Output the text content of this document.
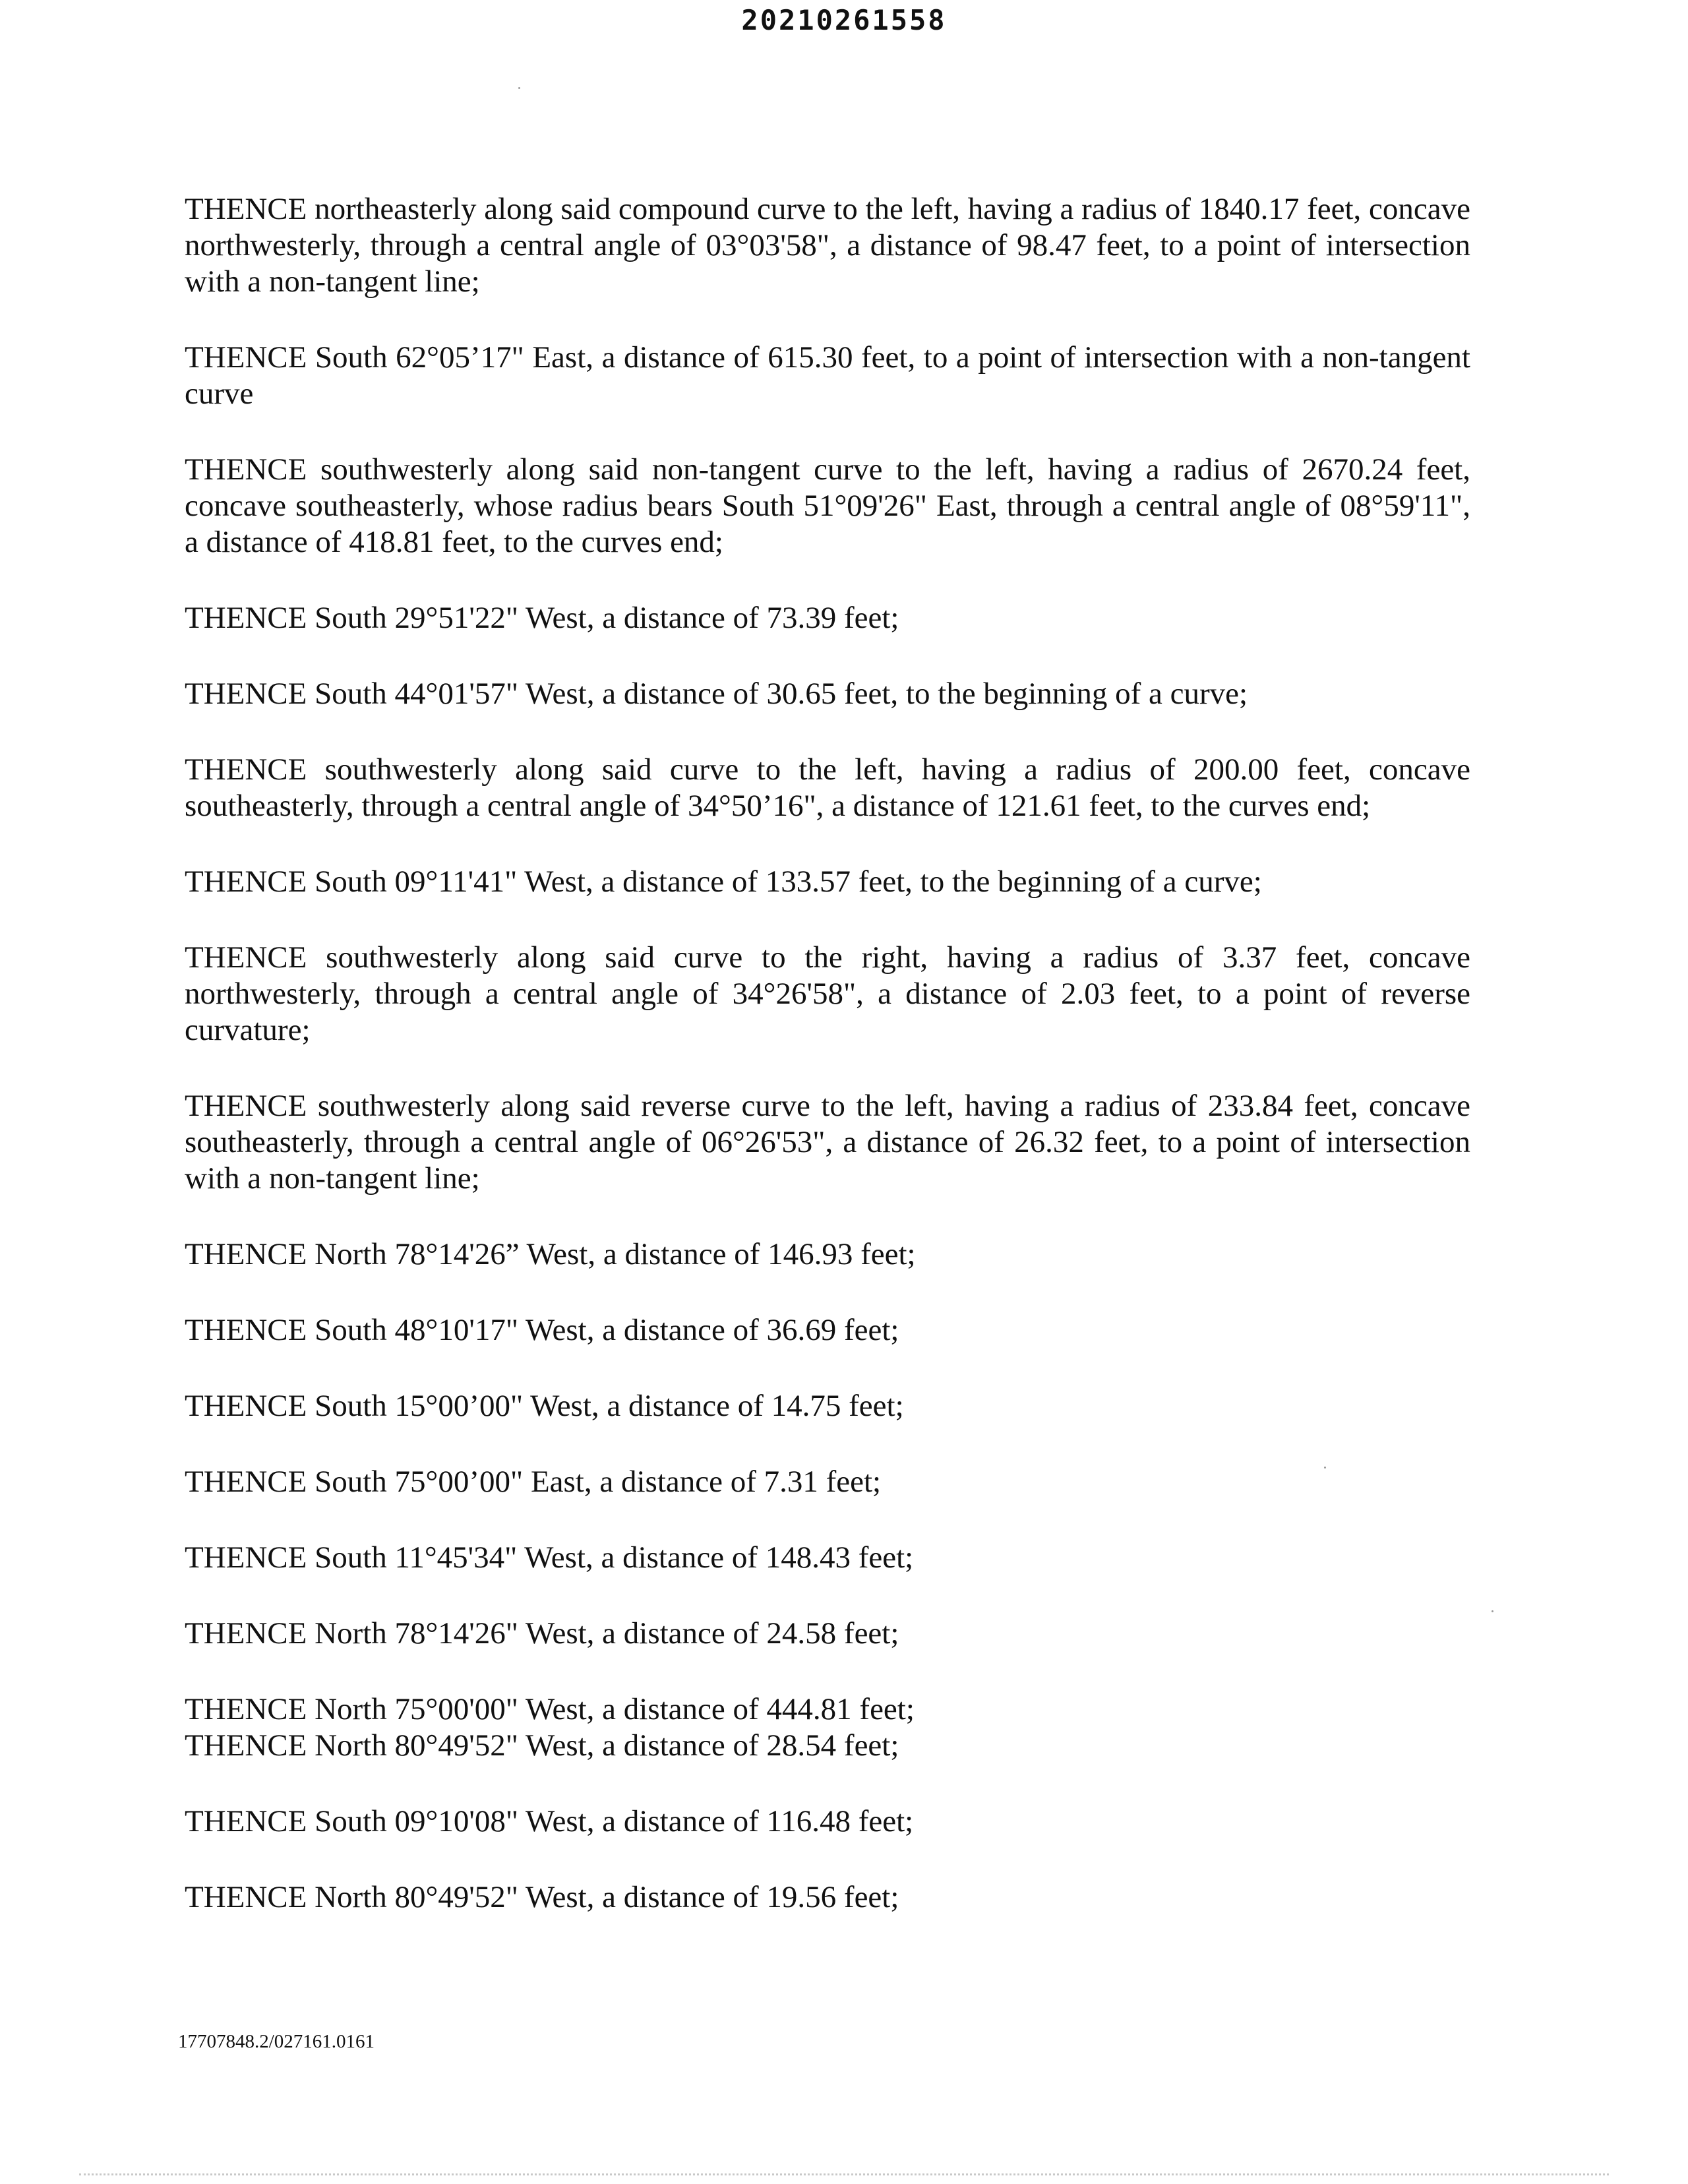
20210261558

THENCE northeasterly along said compound curve to the left, having a radius of 1840.17 feet, concave northwesterly, through a central angle of 03°03'58", a distance of 98.47 feet, to a point of intersection with a non-tangent line;

THENCE South 62°05’17" East, a distance of 615.30 feet, to a point of intersection with a non-tangent curve

THENCE southwesterly along said non-tangent curve to the left, having a radius of 2670.24 feet, concave southeasterly, whose radius bears South 51°09'26" East, through a central angle of 08°59'11", a distance of 418.81 feet, to the curves end;

THENCE South 29°51'22" West, a distance of 73.39 feet;

THENCE South 44°01'57" West, a distance of 30.65 feet, to the beginning of a curve;

THENCE southwesterly along said curve to the left, having a radius of 200.00 feet, concave southeasterly, through a central angle of 34°50’16", a distance of 121.61 feet, to the curves end;

THENCE South 09°11'41" West, a distance of 133.57 feet, to the beginning of a curve;

THENCE southwesterly along said curve to the right, having a radius of 3.37 feet, concave northwesterly, through a central angle of 34°26'58", a distance of 2.03 feet, to a point of reverse curvature;

THENCE southwesterly along said reverse curve to the left, having a radius of 233.84 feet, concave southeasterly, through a central angle of 06°26'53", a distance of 26.32 feet, to a point of intersection with a non-tangent line;

THENCE North 78°14'26” West, a distance of 146.93 feet;

THENCE South 48°10'17" West, a distance of 36.69 feet;

THENCE South 15°00’00" West, a distance of 14.75 feet;

THENCE South 75°00’00" East, a distance of 7.31 feet;

THENCE South 11°45'34" West, a distance of 148.43 feet;

THENCE North 78°14'26" West, a distance of 24.58 feet;

THENCE North 75°00'00" West, a distance of 444.81 feet;

THENCE North 80°49'52" West, a distance of 28.54 feet;

THENCE South 09°10'08" West, a distance of 116.48 feet;

THENCE North 80°49'52" West, a distance of 19.56 feet;

17707848.2/027161.0161
